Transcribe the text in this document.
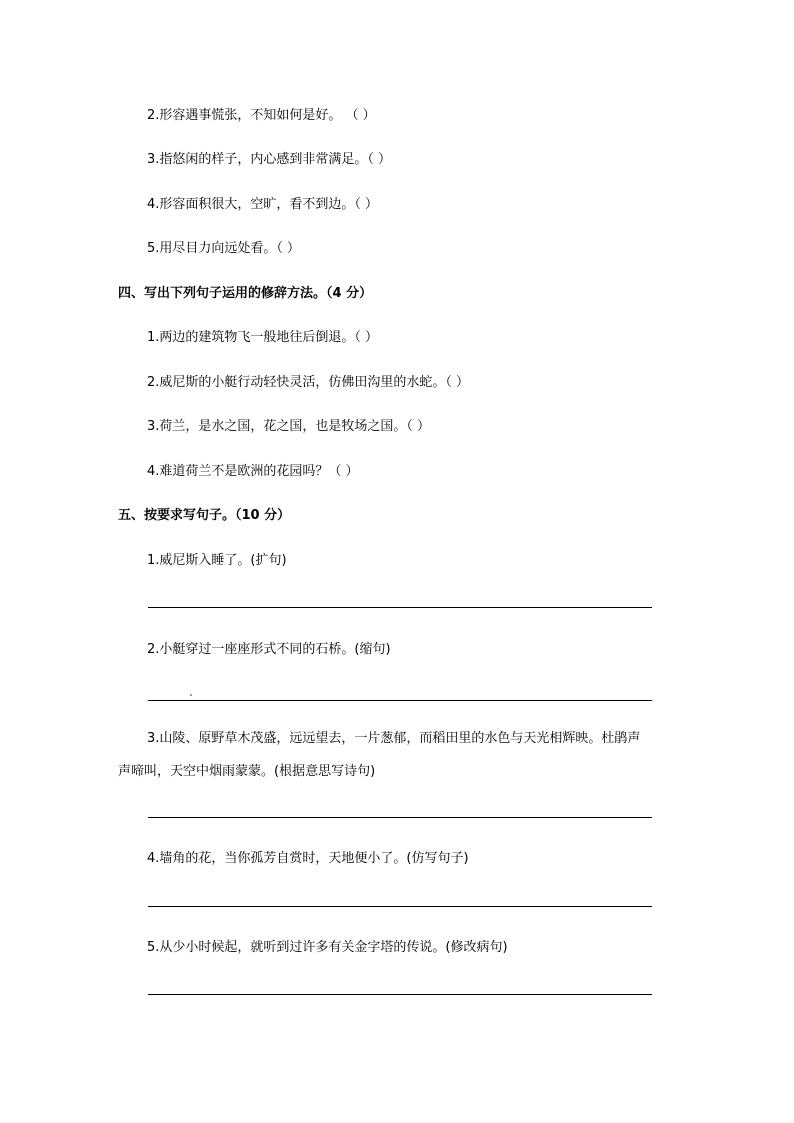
2.形容遇事慌张，不知如何是好。 （ ）
3.指悠闲的样子，内心感到非常满足。（ ）
4.形容面积很大，空旷，看不到边。（ ）
5.用尽目力向远处看。（ ）
四、写出下列句子运用的修辞方法。（4 分）
1.两边的建筑物飞一般地往后倒退。（ ）
2.威尼斯的小艇行动轻快灵活，仿佛田沟里的水蛇。（ ）
3.荷兰，是水之国，花之国，也是牧场之国。（ ）
4.难道荷兰不是欧洲的花园吗？（ ）
五、按要求写句子。（10 分）
1.威尼斯入睡了。(扩句)
2.小艇穿过一座座形式不同的石桥。(缩句)
3.山陵、原野草木茂盛，远远望去，一片葱郁，而稻田里的水色与天光相辉映。杜鹃声
声啼叫，天空中烟雨蒙蒙。(根据意思写诗句)
4.墙角的花，当你孤芳自赏时，天地便小了。(仿写句子)
5.从少小时候起，就听到过许多有关金字塔的传说。(修改病句)
